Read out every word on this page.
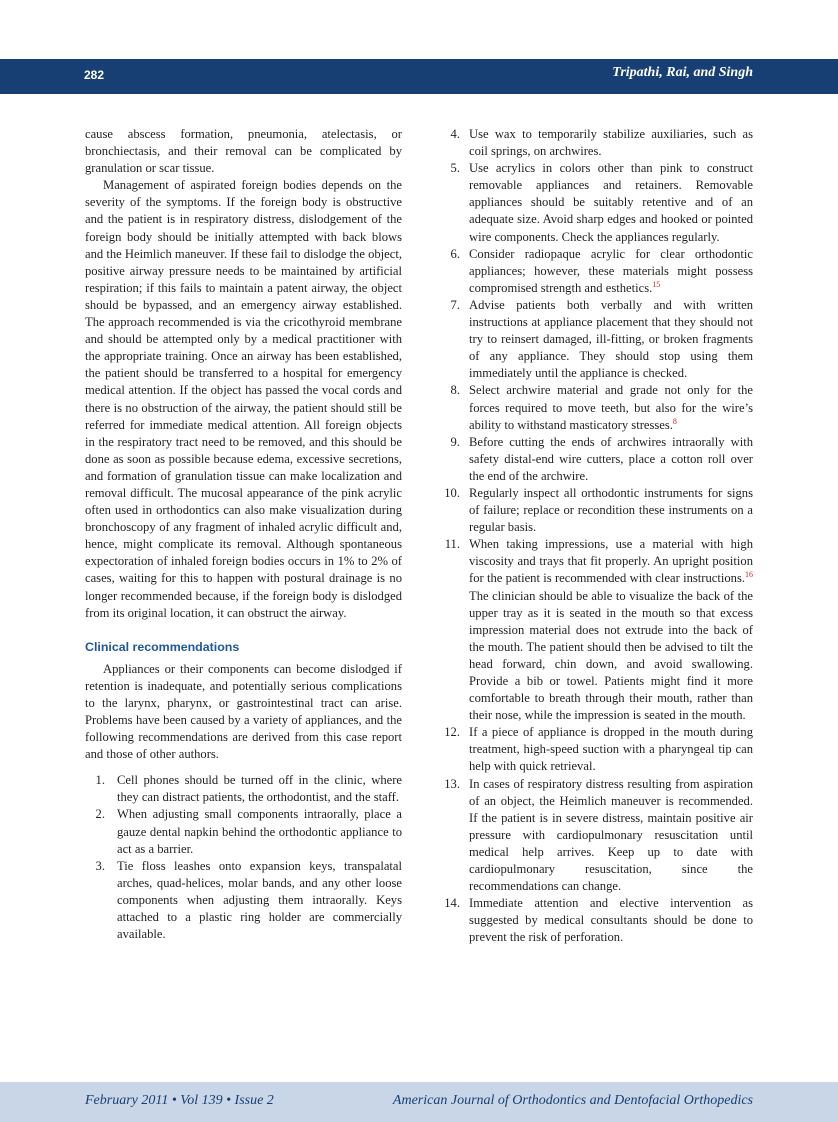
282	Tripathi, Rai, and Singh

cause abscess formation, pneumonia, atelectasis, or bronchiectasis, and their removal can be complicated by granulation or scar tissue.

Management of aspirated foreign bodies depends on the severity of the symptoms. If the foreign body is obstructive and the patient is in respiratory distress, dislodgement of the foreign body should be initially attempted with back blows and the Heimlich maneuver. If these fail to dislodge the object, positive airway pressure needs to be maintained by artificial respiration; if this fails to maintain a patent airway, the object should be bypassed, and an emergency airway established. The approach recommended is via the cricothyroid membrane and should be attempted only by a medical practitioner with the appropriate training. Once an airway has been established, the patient should be transferred to a hospital for emergency medical attention. If the object has passed the vocal cords and there is no obstruction of the airway, the patient should still be referred for immediate medical attention. All foreign objects in the respiratory tract need to be removed, and this should be done as soon as possible because edema, excessive secretions, and formation of granulation tissue can make localization and removal difficult. The mucosal appearance of the pink acrylic often used in orthodontics can also make visualization during bronchoscopy of any fragment of inhaled acrylic difficult and, hence, might complicate its removal. Although spontaneous expectoration of inhaled foreign bodies occurs in 1% to 2% of cases, waiting for this to happen with postural drainage is no longer recommended because, if the foreign body is dislodged from its original location, it can obstruct the airway.

Clinical recommendations

Appliances or their components can become dislodged if retention is inadequate, and potentially serious complications to the larynx, pharynx, or gastrointestinal tract can arise. Problems have been caused by a variety of appliances, and the following recommendations are derived from this case report and those of other authors.

1. Cell phones should be turned off in the clinic, where they can distract patients, the orthodontist, and the staff.
2. When adjusting small components intraorally, place a gauze dental napkin behind the orthodontic appliance to act as a barrier.
3. Tie floss leashes onto expansion keys, transpalatal arches, quad-helices, molar bands, and any other loose components when adjusting them intraorally. Keys attached to a plastic ring holder are commercially available.
4. Use wax to temporarily stabilize auxiliaries, such as coil springs, on archwires.
5. Use acrylics in colors other than pink to construct removable appliances and retainers. Removable appliances should be suitably retentive and of an adequate size. Avoid sharp edges and hooked or pointed wire components. Check the appliances regularly.
6. Consider radiopaque acrylic for clear orthodontic appliances; however, these materials might possess compromised strength and esthetics.$^{15}$
7. Advise patients both verbally and with written instructions at appliance placement that they should not try to reinsert damaged, ill-fitting, or broken fragments of any appliance. They should stop using them immediately until the appliance is checked.
8. Select archwire material and grade not only for the forces required to move teeth, but also for the wire’s ability to withstand masticatory stresses.$^8$
9. Before cutting the ends of archwires intraorally with safety distal-end wire cutters, place a cotton roll over the end of the archwire.
10. Regularly inspect all orthodontic instruments for signs of failure; replace or recondition these instruments on a regular basis.
11. When taking impressions, use a material with high viscosity and trays that fit properly. An upright position for the patient is recommended with clear instructions.$^{16}$ The clinician should be able to visualize the back of the upper tray as it is seated in the mouth so that excess impression material does not extrude into the back of the mouth. The patient should then be advised to tilt the head forward, chin down, and avoid swallowing. Provide a bib or towel. Patients might find it more comfortable to breath through their mouth, rather than their nose, while the impression is seated in the mouth.
12. If a piece of appliance is dropped in the mouth during treatment, high-speed suction with a pharyngeal tip can help with quick retrieval.
13. In cases of respiratory distress resulting from aspiration of an object, the Heimlich maneuver is recommended. If the patient is in severe distress, maintain positive air pressure with cardiopulmonary resuscitation until medical help arrives. Keep up to date with cardiopulmonary resuscitation, since the recommendations can change.
14. Immediate attention and elective intervention as suggested by medical consultants should be done to prevent the risk of perforation.
February 2011 • Vol 139 • Issue 2	American Journal of Orthodontics and Dentofacial Orthopedics
